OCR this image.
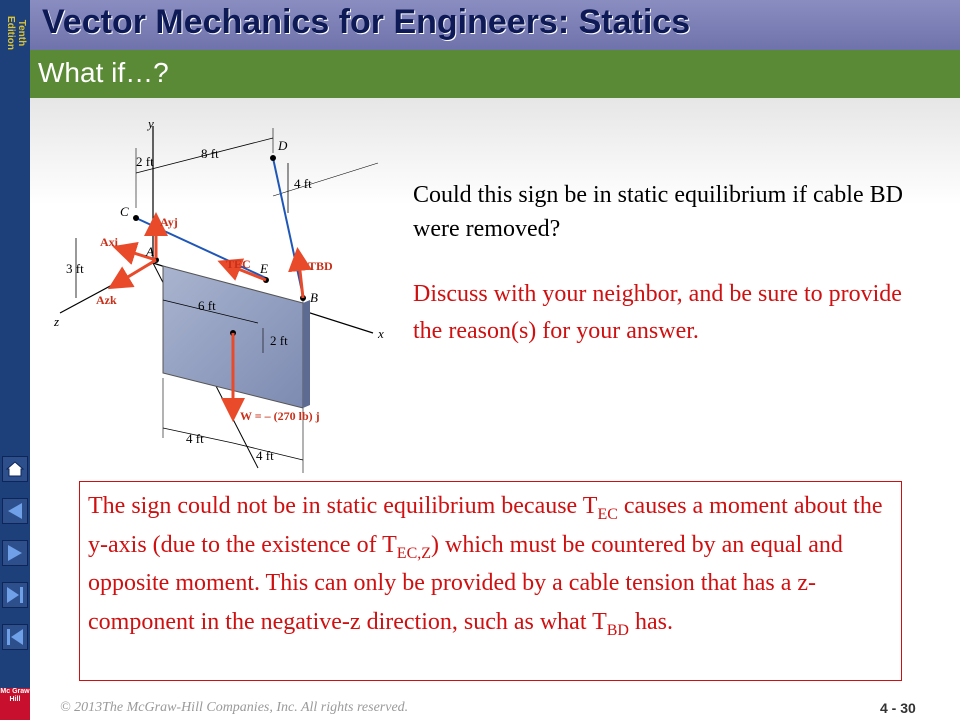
Tenth Edition Vector Mechanics for Engineers: Statics
What if…?
y
x
z
2 ft
8 ft
4 ft
3 ft
6 ft
2 ft
4 ft
4 ft
C
A
D
E
B
Ayj
Axi
Azk
TEC	TBD
W = – (270 lb) j
Could this sign be in static equilibrium if cable BD were removed?
Discuss with your neighbor, and be sure to provide the reason(s) for your answer.
The sign could not be in static equilibrium because $T_{EC}$ causes a moment about the y-axis (due to the existence of $T_{EC,Z}$) which must be countered by an equal and opposite moment. This can only be provided by a cable tension that has a z-component in the negative-z direction, such as what $T_{BD}$ has.
Mc Graw Hill
© 2013The McGraw-Hill Companies, Inc. All rights reserved.	4 - 30
